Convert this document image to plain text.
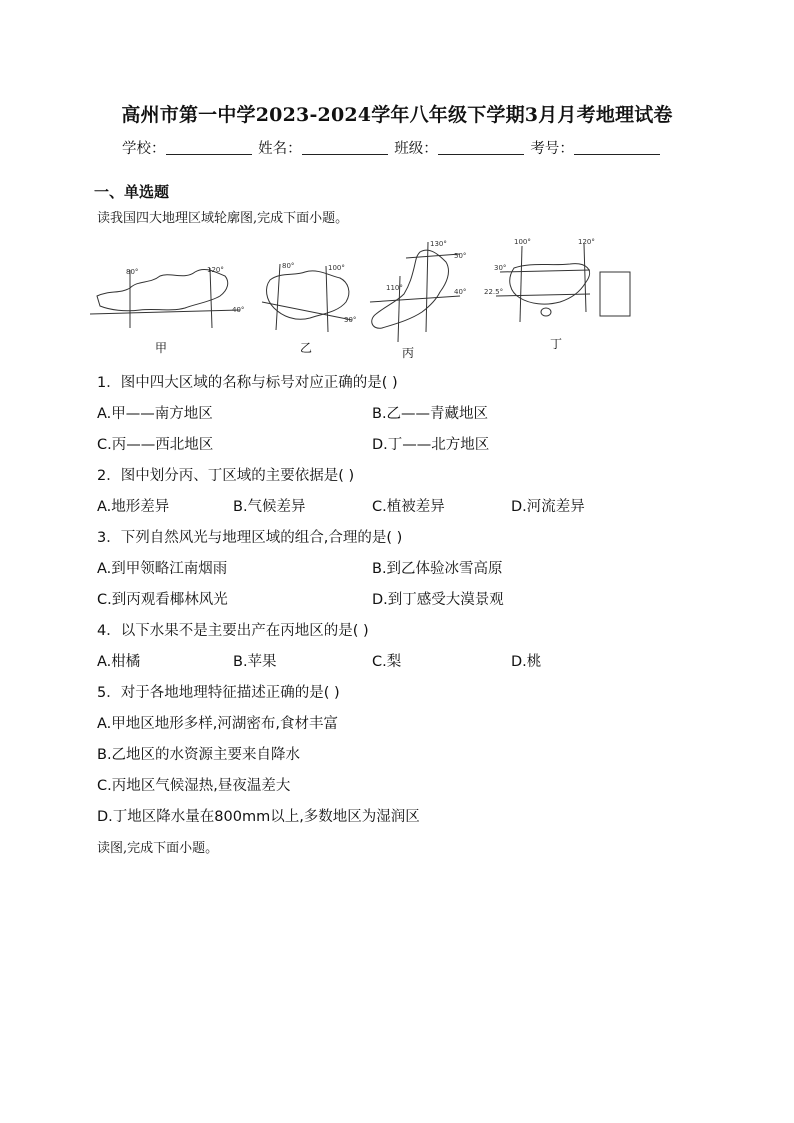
高州市第一中学2023-2024学年八年级下学期3月月考地理试卷
学校：	姓名：	班级：	考号：
一、单选题
读我国四大地理区域轮廓图,完成下面小题。
80°	120°
40°
80°	100°
30°
130°
50°
110°	40°
100°	120°
30°
22.5°
甲	乙	丙
丁
1．图中四大区域的名称与标号对应正确的是( )
A.甲——南方地区	B.乙——青藏地区
C.丙——西北地区	D.丁——北方地区
2．图中划分丙、丁区域的主要依据是( )
A.地形差异	B.气候差异	C.植被差异	D.河流差异
3．下列自然风光与地理区域的组合,合理的是( )
A.到甲领略江南烟雨	B.到乙体验冰雪高原
C.到丙观看椰林风光	D.到丁感受大漠景观
4．以下水果不是主要出产在丙地区的是( )
A.柑橘	B.苹果	C.梨	D.桃
5．对于各地地理特征描述正确的是( )
A.甲地区地形多样,河湖密布,食材丰富
B.乙地区的水资源主要来自降水
C.丙地区气候湿热,昼夜温差大
D.丁地区降水量在800mm以上,多数地区为湿润区
读图,完成下面小题。
